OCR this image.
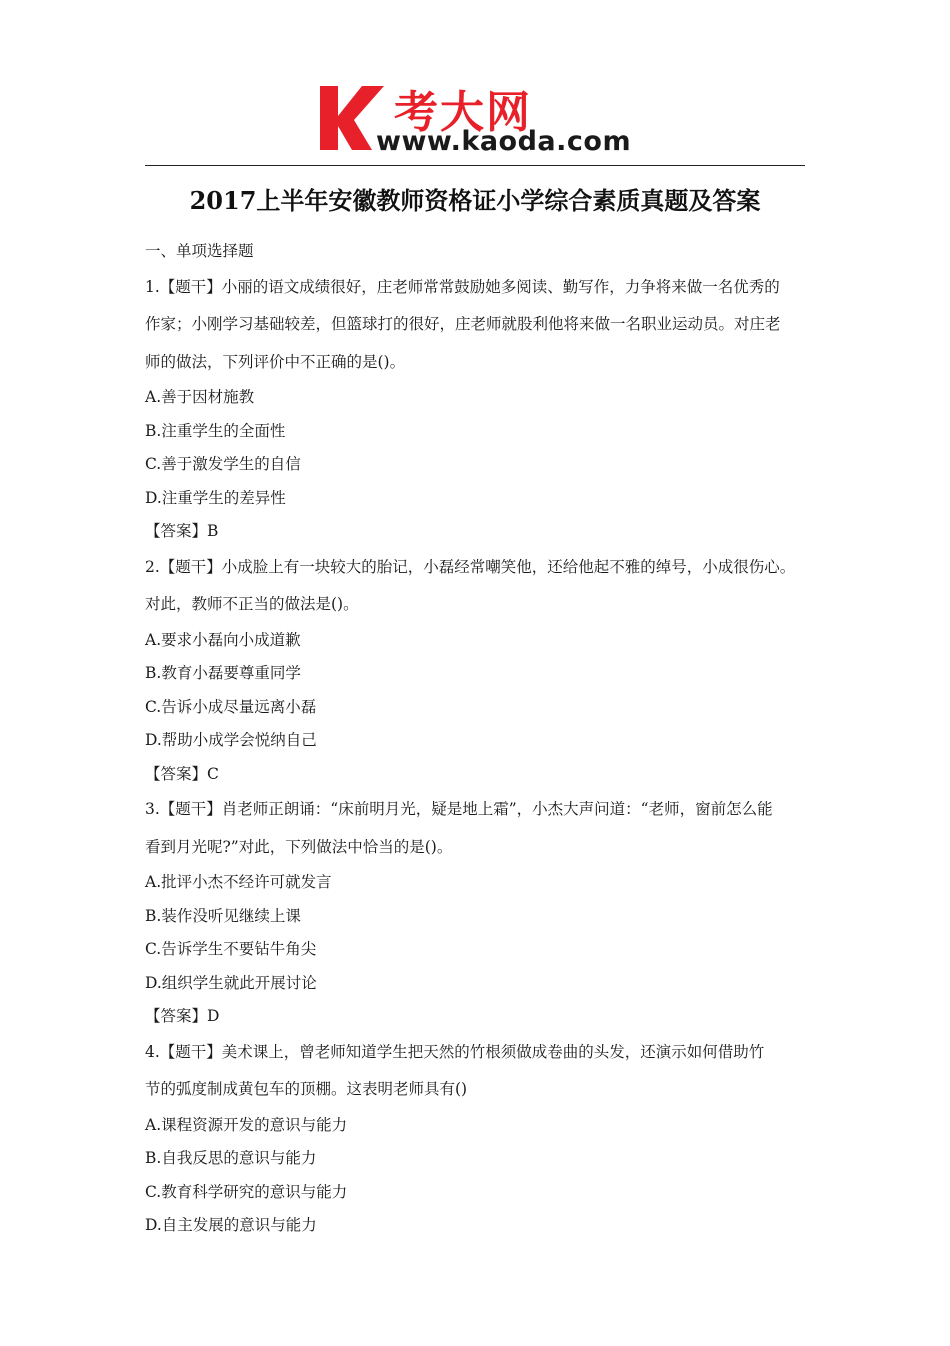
考大网
www.kaoda.com
2017上半年安徽教师资格证小学综合素质真题及答案
一、单项选择题
1.【题干】小丽的语文成绩很好，庄老师常常鼓励她多阅读、勤写作，力争将来做一名优秀的
作家；小刚学习基础较差，但篮球打的很好，庄老师就股利他将来做一名职业运动员。对庄老
师的做法，下列评价中不正确的是()。
A.善于因材施教
B.注重学生的全面性
C.善于激发学生的自信
D.注重学生的差异性
【答案】B
2.【题干】小成脸上有一块较大的胎记，小磊经常嘲笑他，还给他起不雅的绰号，小成很伤心。
对此，教师不正当的做法是()。
A.要求小磊向小成道歉
B.教育小磊要尊重同学
C.告诉小成尽量远离小磊
D.帮助小成学会悦纳自己
【答案】C
3.【题干】肖老师正朗诵：“床前明月光，疑是地上霜”，小杰大声问道：“老师，窗前怎么能
看到月光呢?”对此，下列做法中恰当的是()。
A.批评小杰不经许可就发言
B.装作没听见继续上课
C.告诉学生不要钻牛角尖
D.组织学生就此开展讨论
【答案】D
4.【题干】美术课上，曾老师知道学生把天然的竹根须做成卷曲的头发，还演示如何借助竹
节的弧度制成黄包车的顶棚。这表明老师具有()
A.课程资源开发的意识与能力
B.自我反思的意识与能力
C.教育科学研究的意识与能力
D.自主发展的意识与能力
